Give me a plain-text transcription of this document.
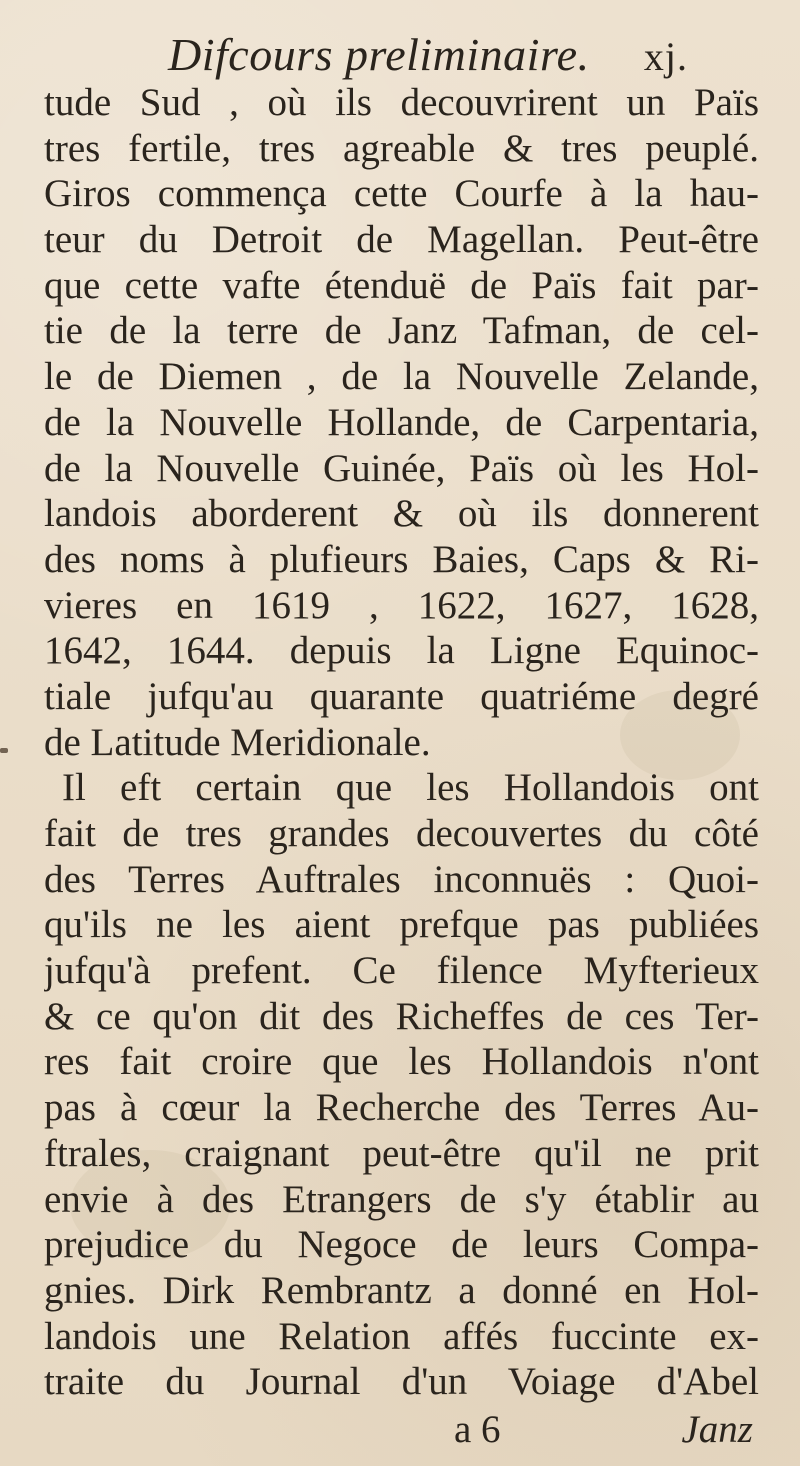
Difcours preliminaire. xj.
tude Sud , où ils decouvrirent un Païs
tres fertile, tres agreable & tres peuplé.
Giros commença cette Courfe à la hau-
teur du Detroit de Magellan. Peut-être
que cette vafte étenduë de Païs fait par-
tie de la terre de Janz Tafman, de cel-
le de Diemen , de la Nouvelle Zelande,
de la Nouvelle Hollande, de Carpentaria,
de la Nouvelle Guinée, Païs où les Hol-
landois aborderent & où ils donnerent
des noms à plufieurs Baies, Caps & Ri-
vieres en 1619 , 1622, 1627, 1628,
1642, 1644. depuis la Ligne Equinoc-
tiale jufqu'au quarante quatriéme degré
de Latitude Meridionale.
Il eft certain que les Hollandois ont
fait de tres grandes decouvertes du côté
des Terres Auftrales inconnuës : Quoi-
qu'ils ne les aient prefque pas publiées
jufqu'à prefent. Ce filence Myfterieux
& ce qu'on dit des Richeffes de ces Ter-
res fait croire que les Hollandois n'ont
pas à cœur la Recherche des Terres Au-
ftrales, craignant peut-être qu'il ne prit
envie à des Etrangers de s'y établir au
prejudice du Negoce de leurs Compa-
gnies. Dirk Rembrantz a donné en Hol-
landois une Relation affés fuccinte ex-
traite du Journal d'un Voiage d'Abel
a 6	Janz
